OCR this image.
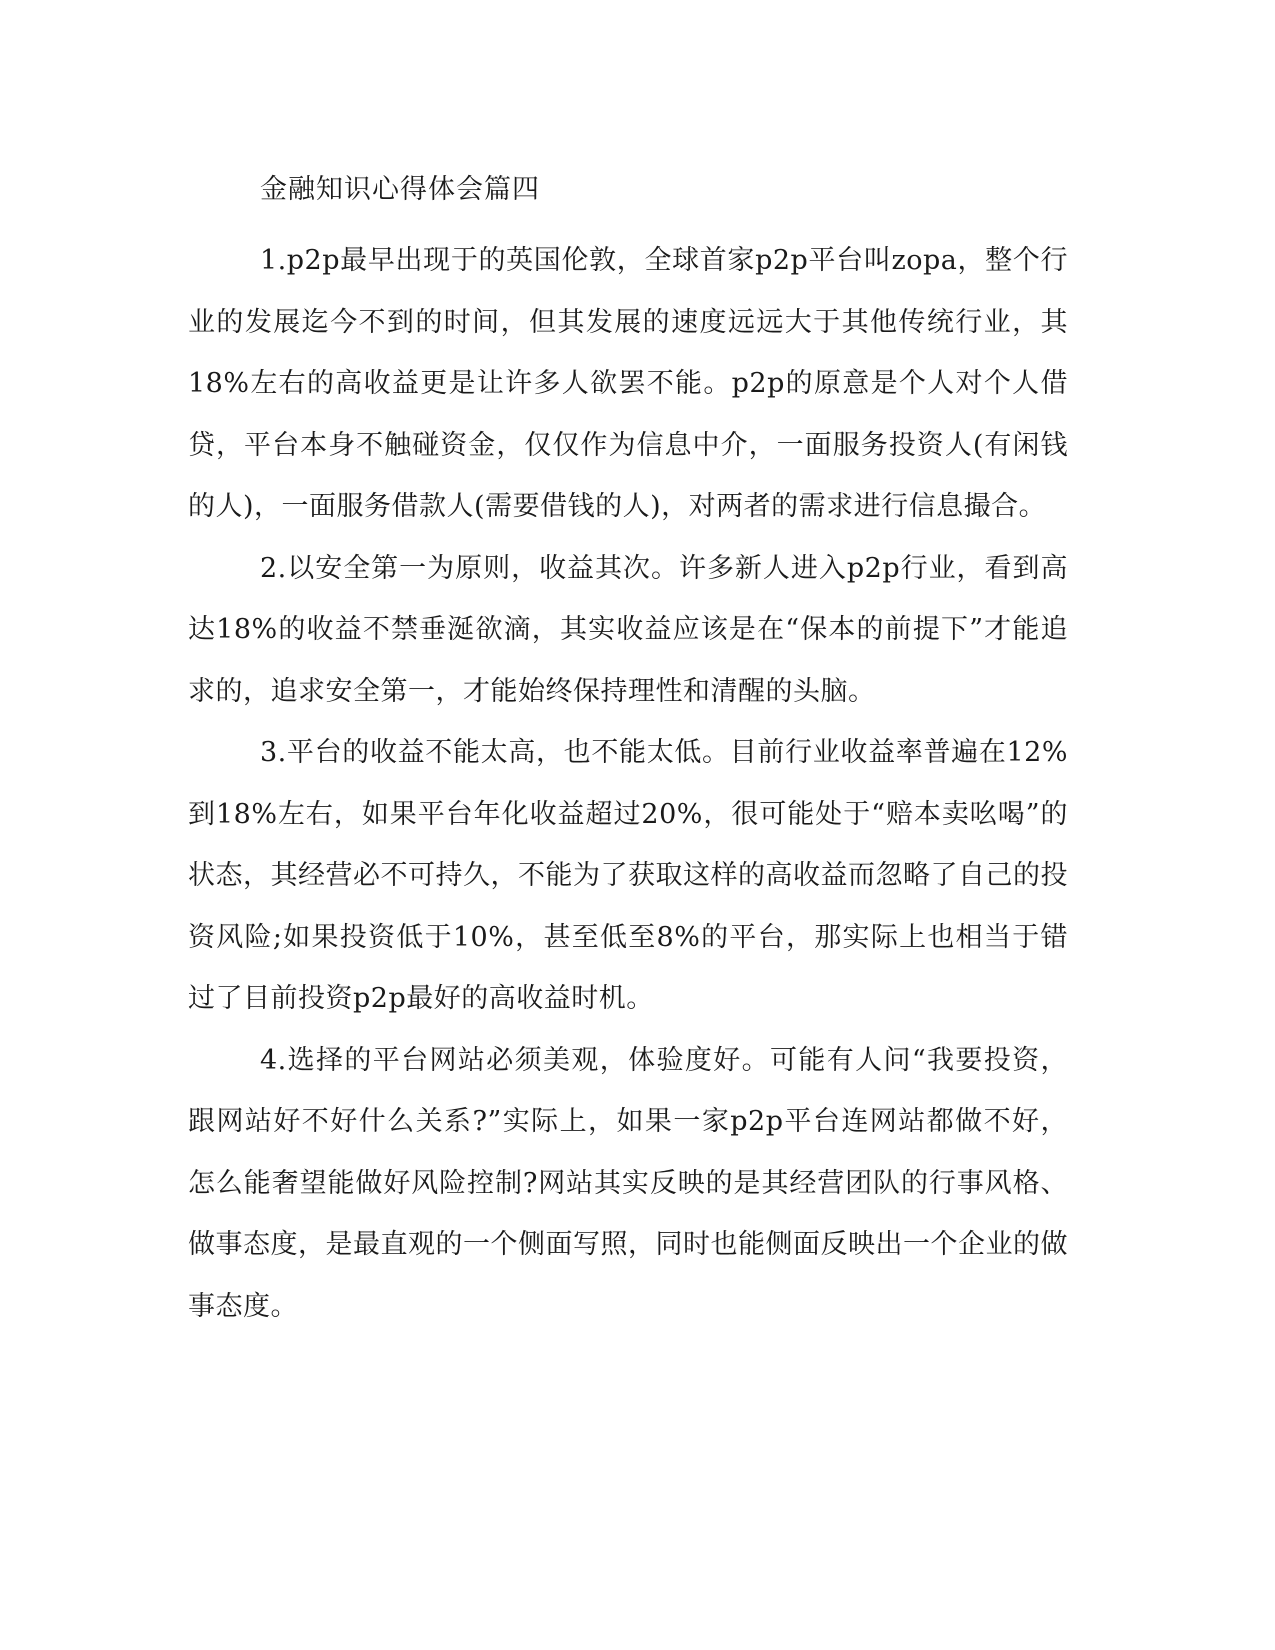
金融知识心得体会篇四

1.p2p最早出现于的英国伦敦，全球首家p2p平台叫zopa，整个行业的发展迄今不到的时间，但其发展的速度远远大于其他传统行业，其18%左右的高收益更是让许多人欲罢不能。p2p的原意是个人对个人借贷，平台本身不触碰资金，仅仅作为信息中介，一面服务投资人(有闲钱的人)，一面服务借款人(需要借钱的人)，对两者的需求进行信息撮合。

2.以安全第一为原则，收益其次。许多新人进入p2p行业，看到高达18%的收益不禁垂涎欲滴，其实收益应该是在“保本的前提下”才能追求的，追求安全第一，才能始终保持理性和清醒的头脑。

3.平台的收益不能太高，也不能太低。目前行业收益率普遍在12%到18%左右，如果平台年化收益超过20%，很可能处于“赔本卖吆喝”的状态，其经营必不可持久，不能为了获取这样的高收益而忽略了自己的投资风险;如果投资低于10%，甚至低至8%的平台，那实际上也相当于错过了目前投资p2p最好的高收益时机。

4.选择的平台网站必须美观，体验度好。可能有人问“我要投资，跟网站好不好什么关系?”实际上，如果一家p2p平台连网站都做不好，怎么能奢望能做好风险控制?网站其实反映的是其经营团队的行事风格、做事态度，是最直观的一个侧面写照，同时也能侧面反映出一个企业的做事态度。
